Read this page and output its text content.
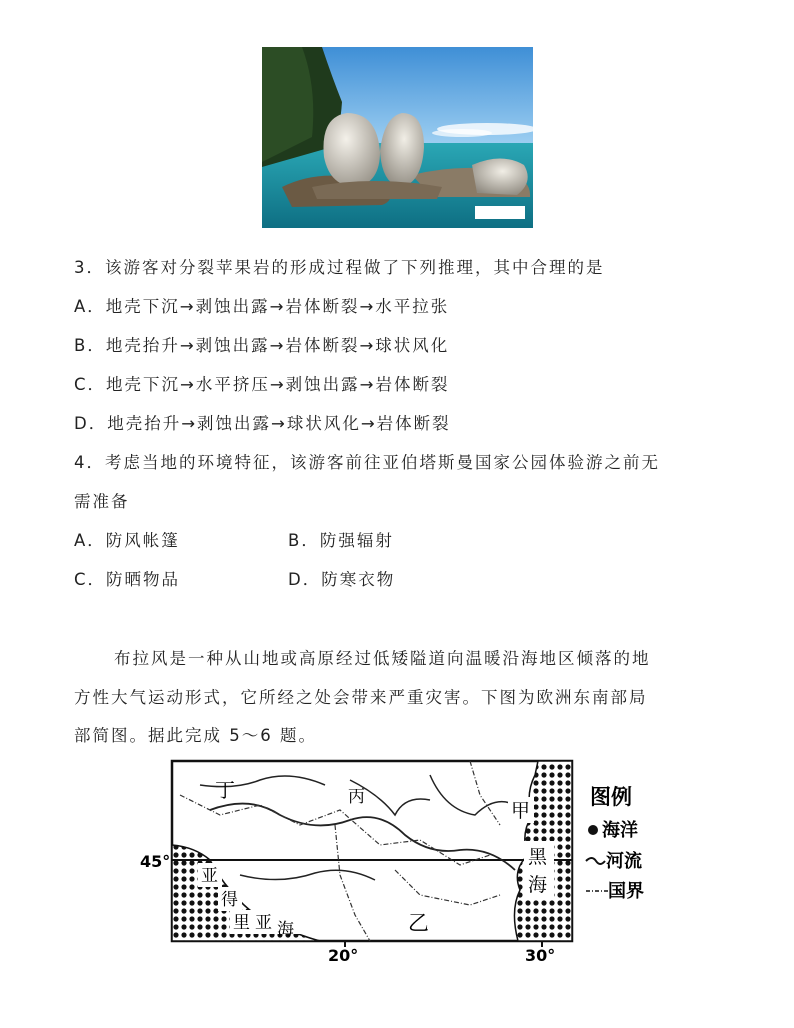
3．该游客对分裂苹果岩的形成过程做了下列推理，其中合理的是
A．地壳下沉→剥蚀出露→岩体断裂→水平拉张
B．地壳抬升→剥蚀出露→岩体断裂→球状风化
C．地壳下沉→水平挤压→剥蚀出露→岩体断裂
D．地壳抬升→剥蚀出露→球状风化→岩体断裂
4．考虑当地的环境特征，该游客前往亚伯塔斯曼国家公园体验游之前无
需准备
A．防风帐篷	B．防强辐射
C．防晒物品	D．防寒衣物
布拉风是一种从山地或高原经过低矮隘道向温暖沿海地区倾落的地
方性大气运动形式，它所经之处会带来严重灾害。下图为欧洲东南部局
部简图。据此完成 5～6 题。
丁	丙
甲
乙
黑
海
亚
得
里 亚 海
45°
20°	30°
图例
海洋
河流
国界
